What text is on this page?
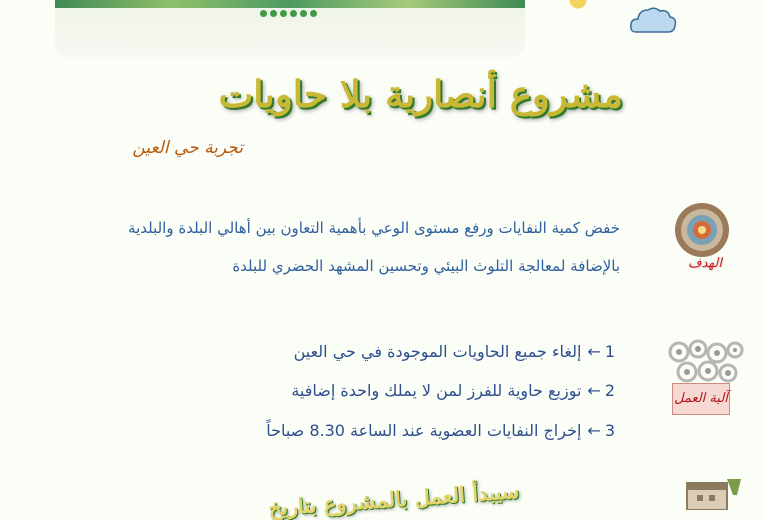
مشروع أنصارية بلا حاويات
تجربة حي العين
الهدف
خفض كمية النفايات ورفع مستوى الوعي بأهمية التعاون بين أهالي البلدة والبلدية
بالإضافة لمعالجة التلوث البيئي وتحسين المشهد الحضري للبلدة
آلية العمل
1←إلغاء جميع الحاويات الموجودة في حي العين
2←توزيع حاوية للفرز لمن لا يملك واحدة إضافية
3←إخراج النفايات العضوية عند الساعة 8.30 صباحاً
سيبدأ العمل بالمشروع بتاريخ
